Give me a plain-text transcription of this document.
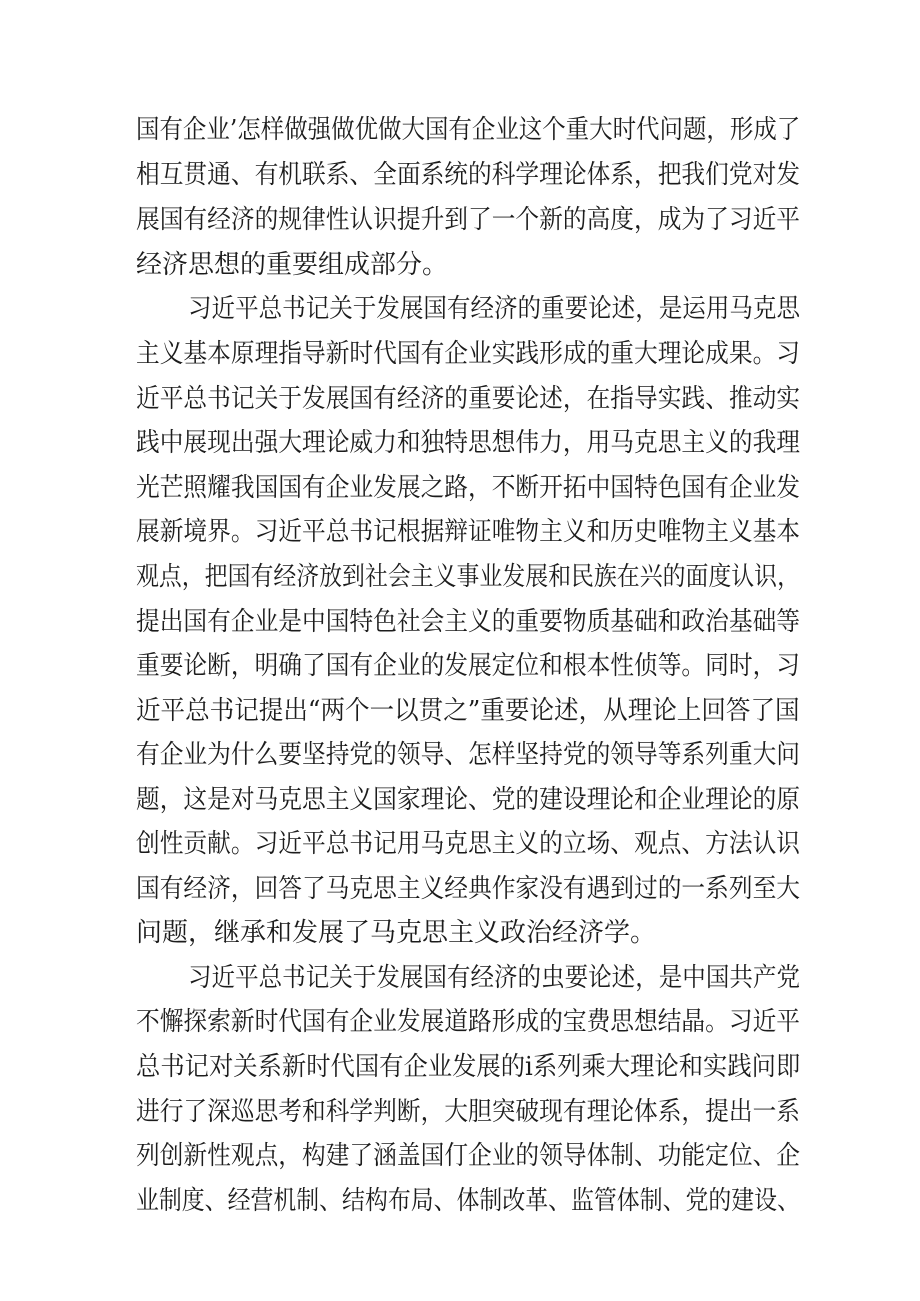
国有企业’怎样做强做优做大国有企业这个重大时代问题，形成了
相互贯通、有机联系、全面系统的科学理论体系，把我们党对发
展国有经济的规律性认识提升到了一个新的高度，成为了习近平
经济思想的重要组成部分。
习近平总书记关于发展国有经济的重要论述，是运用马克思
主义基本原理指导新时代国有企业实践形成的重大理论成果。习
近平总书记关于发展国有经济的重要论述，在指导实践、推动实
践中展现出强大理论威力和独特思想伟力，用马克思主义的我理
光芒照耀我国国有企业发展之路，不断开拓中国特色国有企业发
展新境界。习近平总书记根据辩证唯物主义和历史唯物主义基本
观点，把国有经济放到社会主义事业发展和民族在兴的面度认识，
提出国有企业是中国特色社会主义的重要物质基础和政治基础等
重要论断，明确了国有企业的发展定位和根本性侦等。同时，习
近平总书记提出“两个一以贯之”重要论述，从理论上回答了国
有企业为什么要坚持党的领导、怎样坚持党的领导等系列重大问
题，这是对马克思主义国家理论、党的建设理论和企业理论的原
创性贡献。习近平总书记用马克思主义的立场、观点、方法认识
国有经济，回答了马克思主义经典作家没有遇到过的一系列至大
问题，继承和发展了马克思主义政治经济学。
习近平总书记关于发展国有经济的虫要论述，是中国共产党
不懈探索新时代国有企业发展道路形成的宝费思想结晶。习近平
总书记对关系新时代国有企业发展的i系列乘大理论和实践问即
进行了深巡思考和科学判断，大胆突破现有理论体系，提出一系
列创新性观点，构建了涵盖国仃企业的领导体制、功能定位、企
业制度、经营机制、结构布局、体制改革、监管体制、党的建设、
